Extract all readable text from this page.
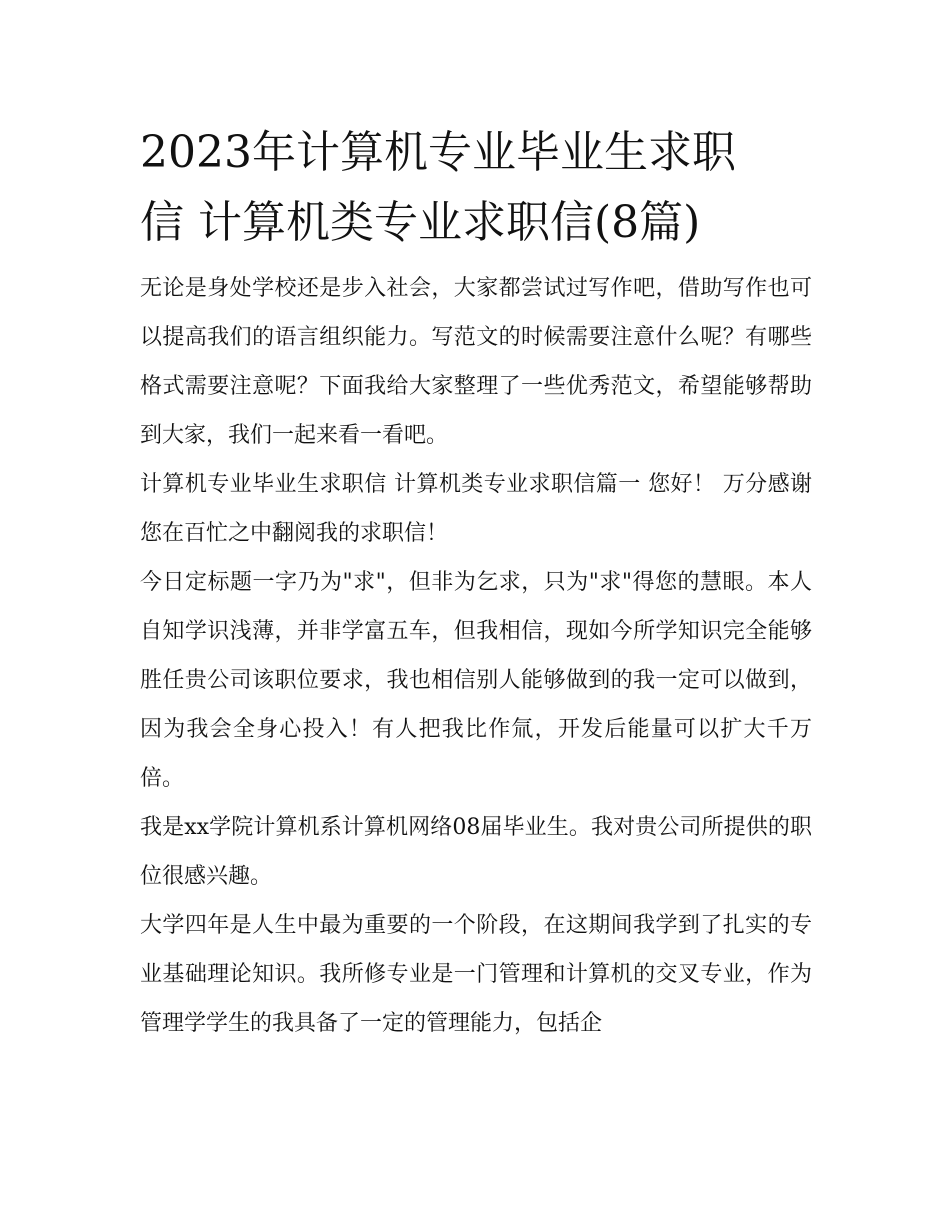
2023年计算机专业毕业生求职
信 计算机类专业求职信(8篇)

无论是身处学校还是步入社会，大家都尝试过写作吧，借助写作也可以提高我们的语言组织能力。写范文的时候需要注意什么呢？有哪些格式需要注意呢？下面我给大家整理了一些优秀范文，希望能够帮助到大家，我们一起来看一看吧。

计算机专业毕业生求职信 计算机类专业求职信篇一 您好！ 万分感谢您在百忙之中翻阅我的求职信！

今日定标题一字乃为"求"，但非为乞求，只为"求"得您的慧眼。本人自知学识浅薄，并非学富五车，但我相信，现如今所学知识完全能够胜任贵公司该职位要求，我也相信别人能够做到的我一定可以做到，因为我会全身心投入！有人把我比作氚，开发后能量可以扩大千万倍。

我是xx学院计算机系计算机网络08届毕业生。我对贵公司所提供的职位很感兴趣。

大学四年是人生中最为重要的一个阶段，在这期间我学到了扎实的专业基础理论知识。我所修专业是一门管理和计算机的交叉专业，作为管理学学生的我具备了一定的管理能力，包括企
